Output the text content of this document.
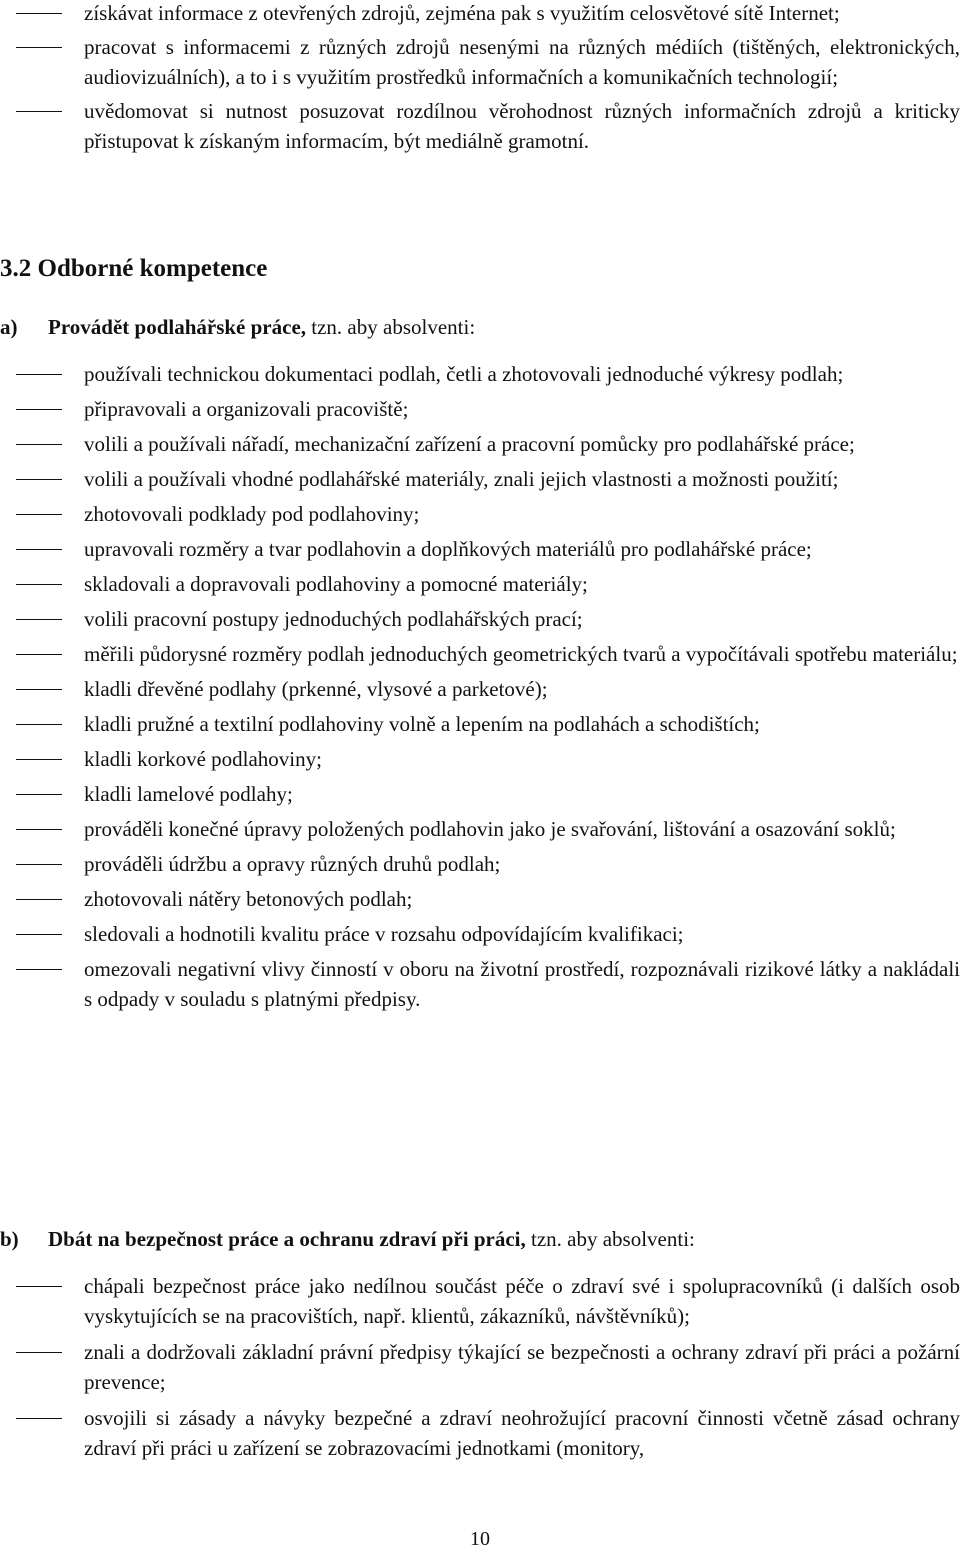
získávat informace z otevřených zdrojů, zejména pak s využitím celosvětové sítě Internet;
pracovat s informacemi z různých zdrojů nesenými na různých médiích (tištěných, elektronických, audiovizuálních), a to i s využitím prostředků informačních a komunikačních technologií;
uvědomovat si nutnost posuzovat rozdílnou věrohodnost různých informačních zdrojů a kriticky přistupovat k získaným informacím, být mediálně gramotní.
3.2 Odborné kompetence
a) Provádět podlahářské práce, tzn. aby absolventi:
používali technickou dokumentaci podlah, četli a zhotovovali jednoduché výkresy podlah;
připravovali a organizovali pracoviště;
volili a používali nářadí, mechanizační zařízení a pracovní pomůcky pro podlahářské práce;
volili a používali vhodné podlahářské materiály, znali jejich vlastnosti a možnosti použití;
zhotovovali podklady pod podlahoviny;
upravovali rozměry a tvar podlahovin a doplňkových materiálů pro podlahářské práce;
skladovali a dopravovali podlahoviny a pomocné materiály;
volili pracovní postupy jednoduchých podlahářských prací;
měřili půdorysné rozměry podlah jednoduchých geometrických tvarů a vypočítávali spotřebu materiálu;
kladli dřevěné podlahy (prkenné, vlysové a parketové);
kladli pružné a textilní podlahoviny volně a lepením na podlahách a schodištích;
kladli korkové podlahoviny;
kladli lamelové podlahy;
prováděli konečné úpravy položených podlahovin jako je svařování, lištování a osazování soklů;
prováděli údržbu a opravy různých druhů podlah;
zhotovovali nátěry betonových podlah;
sledovali a hodnotili kvalitu práce v rozsahu odpovídajícím kvalifikaci;
omezovali negativní vlivy činností v oboru na životní prostředí, rozpoznávali rizikové látky a nakládali s odpady v souladu s platnými předpisy.
b) Dbát na bezpečnost práce a ochranu zdraví při práci, tzn. aby absolventi:
chápali bezpečnost práce jako nedílnou součást péče o zdraví své i spolupracovníků (i dalších osob vyskytujících se na pracovištích, např. klientů, zákazníků, návštěvníků);
znali a dodržovali základní právní předpisy týkající se bezpečnosti a ochrany zdraví při práci a požární prevence;
osvojili si zásady a návyky bezpečné a zdraví neohrožující pracovní činnosti včetně zásad ochrany zdraví při práci u zařízení se zobrazovacími jednotkami (monitory,
10
